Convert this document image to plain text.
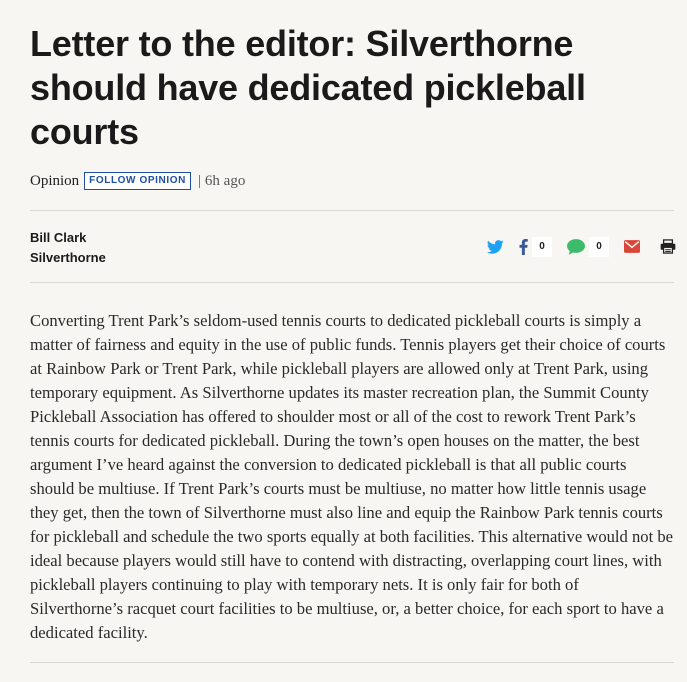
Letter to the editor: Silverthorne should have dedicated pickleball courts
Opinion	FOLLOW OPINION | 6h ago
Bill Clark
Silverthorne
0	0

Converting Trent Park’s seldom-used tennis courts to dedicated pickleball courts is simply a matter of fairness and equity in the use of public funds. Tennis players get their choice of courts at Rainbow Park or Trent Park, while pickleball players are allowed only at Trent Park, using temporary equipment. As Silverthorne updates its master recreation plan, the Summit County Pickleball Association has offered to shoulder most or all of the cost to rework Trent Park’s tennis courts for dedicated pickleball. During the town’s open houses on the matter, the best argument I’ve heard against the conversion to dedicated pickleball is that all public courts should be multiuse. If Trent Park’s courts must be multiuse, no matter how little tennis usage they get, then the town of Silverthorne must also line and equip the Rainbow Park tennis courts for pickleball and schedule the two sports equally at both facilities. This alternative would not be ideal because players would still have to contend with distracting, overlapping court lines, with pickleball players continuing to play with temporary nets. It is only fair for both of Silverthorne’s racquet court facilities to be multiuse, or, a better choice, for each sport to have a dedicated facility.
